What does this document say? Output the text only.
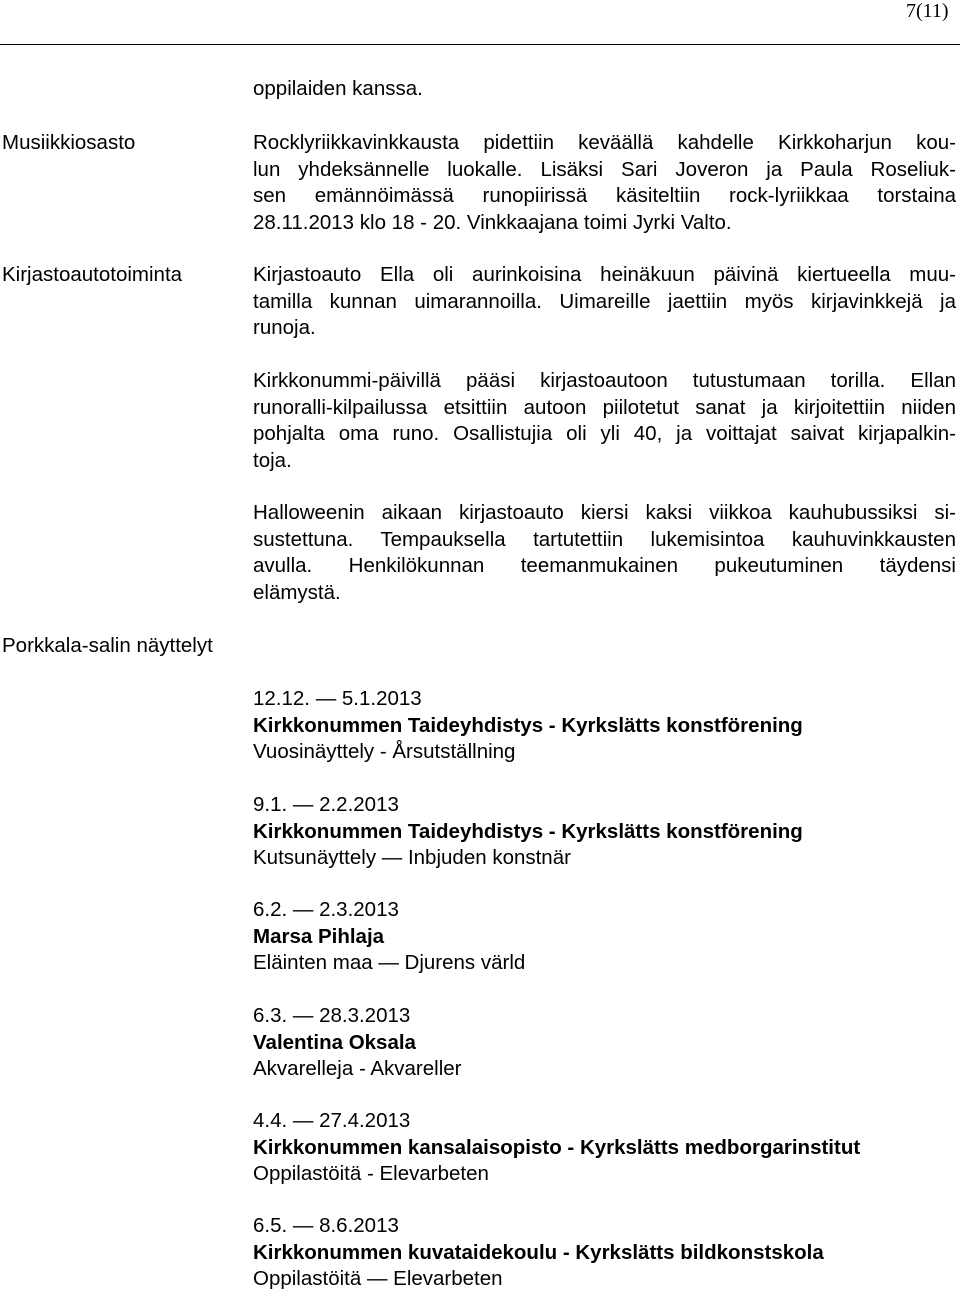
7(11)
oppilaiden kanssa.
Musiikkiosasto	Rocklyriikkavinkkausta pidettiin keväällä kahdelle Kirkkoharjun kou-
lun yhdeksännelle luokalle. Lisäksi Sari Joveron ja Paula Roseliuk-
sen emännöimässä runopiirissä käsiteltiin rock-lyriikkaa torstaina
28.11.2013 klo 18 - 20. Vinkkaajana toimi Jyrki Valto.
Kirjastoautotoiminta	Kirjastoauto Ella oli aurinkoisina heinäkuun päivinä kiertueella muu-
tamilla kunnan uimarannoilla. Uimareille jaettiin myös kirjavinkkejä ja
runoja.
Kirkkonummi-päivillä pääsi kirjastoautoon tutustumaan torilla. Ellan
runoralli-kilpailussa etsittiin autoon piilotetut sanat ja kirjoitettiin niiden
pohjalta oma runo. Osallistujia oli yli 40, ja voittajat saivat kirjapalkin-
toja.
Halloweenin aikaan kirjastoauto kiersi kaksi viikkoa kauhubussiksi si-
sustettuna. Tempauksella tartutettiin lukemisintoa kauhuvinkkausten
avulla. Henkilökunnan teemanmukainen pukeutuminen täydensi
elämystä.
Porkkala-salin näyttelyt
12.12. — 5.1.2013
Kirkkonummen Taideyhdistys - Kyrkslätts konstförening
Vuosinäyttely - Årsutställning
9.1. — 2.2.2013
Kirkkonummen Taideyhdistys - Kyrkslätts konstförening
Kutsunäyttely — Inbjuden konstnär
6.2. — 2.3.2013
Marsa Pihlaja
Eläinten maa — Djurens värld
6.3. — 28.3.2013
Valentina Oksala
Akvarelleja - Akvareller
4.4. — 27.4.2013
Kirkkonummen kansalaisopisto - Kyrkslätts medborgarinstitut
Oppilastöitä - Elevarbeten
6.5. — 8.6.2013
Kirkkonummen kuvataidekoulu - Kyrkslätts bildkonstskola
Oppilastöitä — Elevarbeten
